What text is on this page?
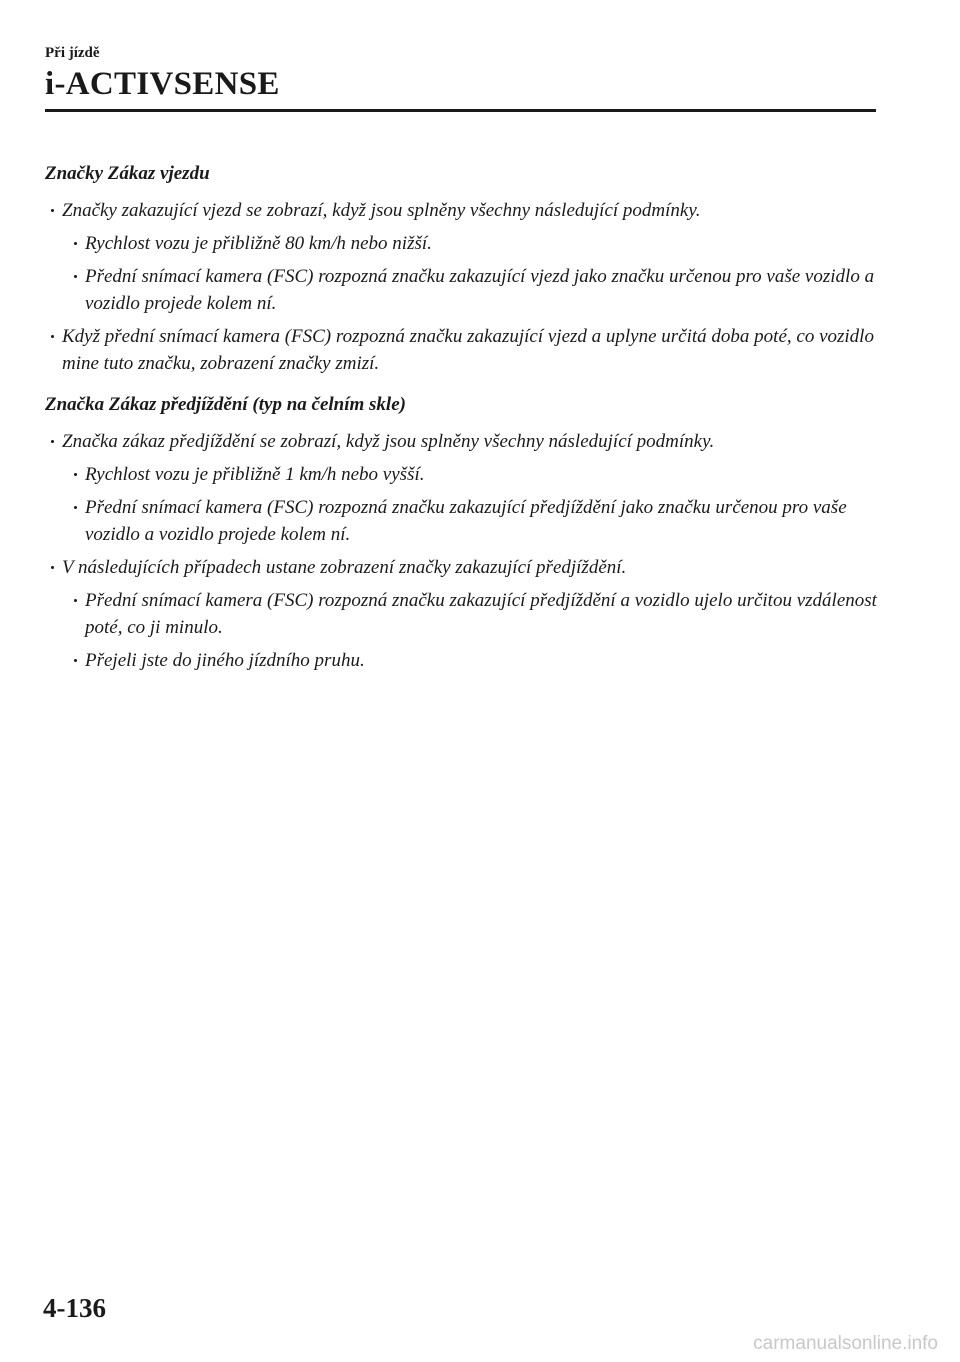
Při jízdě
i-ACTIVSENSE
Značky Zákaz vjezdu
Značky zakazující vjezd se zobrazí, když jsou splněny všechny následující podmínky.
Rychlost vozu je přibližně 80 km/h nebo nižší.
Přední snímací kamera (FSC) rozpozná značku zakazující vjezd jako značku určenou pro vaše vozidlo a vozidlo projede kolem ní.
Když přední snímací kamera (FSC) rozpozná značku zakazující vjezd a uplyne určitá doba poté, co vozidlo mine tuto značku, zobrazení značky zmizí.
Značka Zákaz předjíždění (typ na čelním skle)
Značka zákaz předjíždění se zobrazí, když jsou splněny všechny následující podmínky.
Rychlost vozu je přibližně 1 km/h nebo vyšší.
Přední snímací kamera (FSC) rozpozná značku zakazující předjíždění jako značku určenou pro vaše vozidlo a vozidlo projede kolem ní.
V následujících případech ustane zobrazení značky zakazující předjíždění.
Přední snímací kamera (FSC) rozpozná značku zakazující předjíždění a vozidlo ujelo určitou vzdálenost poté, co ji minulo.
Přejeli jste do jiného jízdního pruhu.
4-136
carmanualsonline.info
